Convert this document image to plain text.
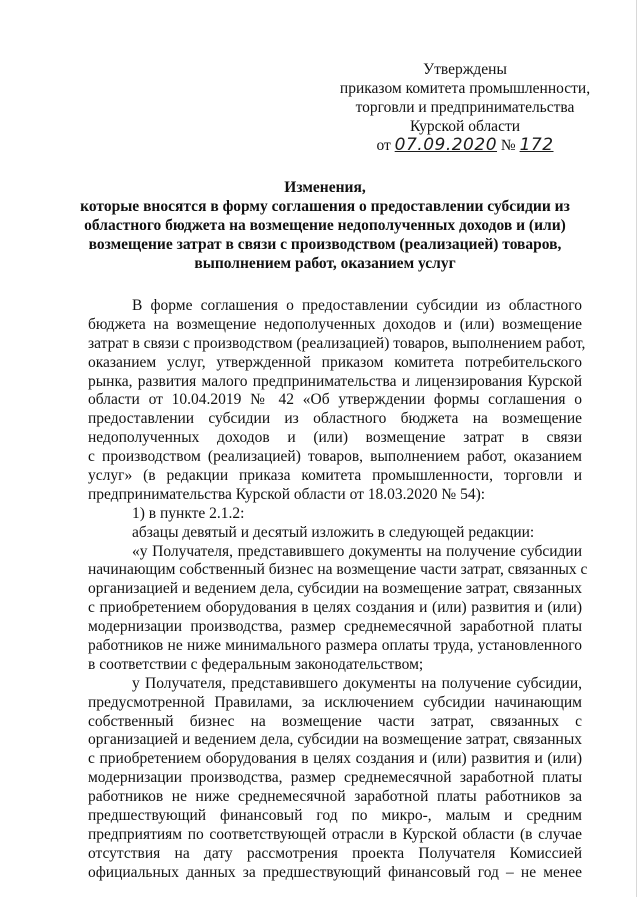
Утверждены
приказом комитета промышленности,
торговли и предпринимательства
Курской области
от 07.09.2020 № 172
Изменения,
которые вносятся в форму соглашения о предоставлении субсидии из
областного бюджета на возмещение недополученных доходов и (или)
возмещение затрат в связи с производством (реализацией) товаров,
выполнением работ, оказанием услуг
В форме соглашения о предоставлении субсидии из областного
бюджета на возмещение недополученных доходов и (или) возмещение
затрат в связи с производством (реализацией) товаров, выполнением работ,
оказанием услуг, утвержденной приказом комитета потребительского
рынка, развития малого предпринимательства и лицензирования Курской
области от 10.04.2019 № 42 «Об утверждении формы соглашения о
предоставлении субсидии из областного бюджета на возмещение
недополученных доходов и (или) возмещение затрат в связи
с производством (реализацией) товаров, выполнением работ, оказанием
услуг» (в редакции приказа комитета промышленности, торговли и
предпринимательства Курской области от 18.03.2020 № 54):
1) в пункте 2.1.2:
абзацы девятый и десятый изложить в следующей редакции:
«у Получателя, представившего документы на получение субсидии
начинающим собственный бизнес на возмещение части затрат, связанных с
организацией и ведением дела, субсидии на возмещение затрат, связанных
с приобретением оборудования в целях создания и (или) развития и (или)
модернизации производства, размер среднемесячной заработной платы
работников не ниже минимального размера оплаты труда, установленного
в соответствии с федеральным законодательством;
у Получателя, представившего документы на получение субсидии,
предусмотренной Правилами, за исключением субсидии начинающим
собственный бизнес на возмещение части затрат, связанных с
организацией и ведением дела, субсидии на возмещение затрат, связанных
с приобретением оборудования в целях создания и (или) развития и (или)
модернизации производства, размер среднемесячной заработной платы
работников не ниже среднемесячной заработной платы работников за
предшествующий финансовый год по микро-, малым и средним
предприятиям по соответствующей отрасли в Курской области (в случае
отсутствия на дату рассмотрения проекта Получателя Комиссией
официальных данных за предшествующий финансовый год – не менее
